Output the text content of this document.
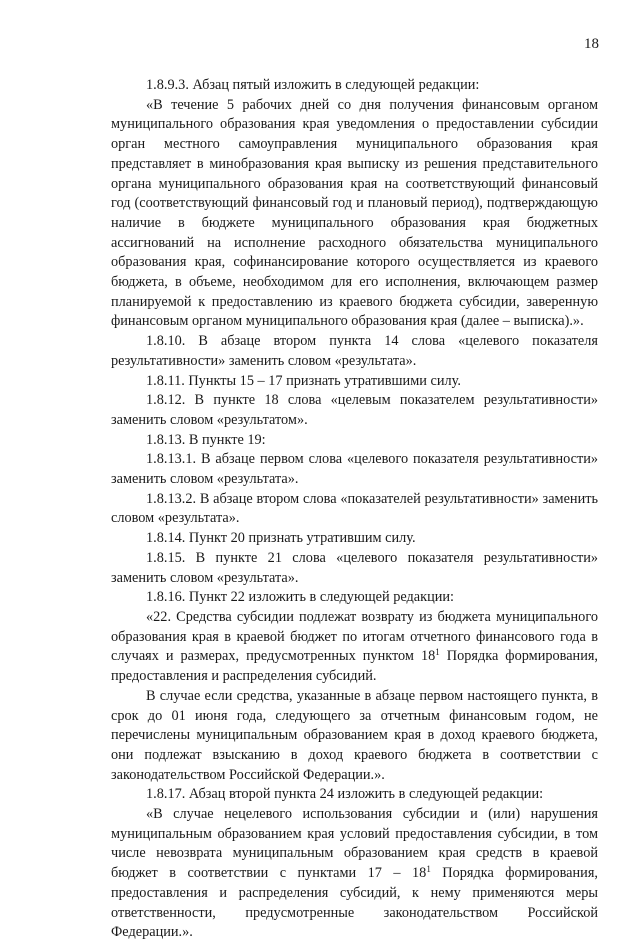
18

1.8.9.3. Абзац пятый изложить в следующей редакции:

«В течение 5 рабочих дней со дня получения финансовым органом муниципального образования края уведомления о предоставлении субсидии орган местного самоуправления муниципального образования края представляет в минобразования края выписку из решения представительного органа муниципального образования края на соответствующий финансовый год (соответствующий финансовый год и плановый период), подтверждающую наличие в бюджете муниципального образования края бюджетных ассигнований на исполнение расходного обязательства муниципального образования края, софинансирование которого осуществляется из краевого бюджета, в объеме, необходимом для его исполнения, включающем размер планируемой к предоставлению из краевого бюджета субсидии, заверенную финансовым органом муниципального образования края (далее – выписка).».

1.8.10. В абзаце втором пункта 14 слова «целевого показателя результативности» заменить словом «результата».

1.8.11. Пункты 15 – 17 признать утратившими силу.

1.8.12. В пункте 18 слова «целевым показателем результативности» заменить словом «результатом».

1.8.13. В пункте 19:

1.8.13.1. В абзаце первом слова «целевого показателя результативности» заменить словом «результата».

1.8.13.2. В абзаце втором слова «показателей результативности» заменить словом «результата».

1.8.14. Пункт 20 признать утратившим силу.

1.8.15. В пункте 21 слова «целевого показателя результативности» заменить словом «результата».

1.8.16. Пункт 22 изложить в следующей редакции:

«22. Средства субсидии подлежат возврату из бюджета муниципального образования края в краевой бюджет по итогам отчетного финансового года в случаях и размерах, предусмотренных пунктом $18^1$ Порядка формирования, предоставления и распределения субсидий.

В случае если средства, указанные в абзаце первом настоящего пункта, в срок до 01 июня года, следующего за отчетным финансовым годом, не перечислены муниципальным образованием края в доход краевого бюджета, они подлежат взысканию в доход краевого бюджета в соответствии с законодательством Российской Федерации.».

1.8.17. Абзац второй пункта 24 изложить в следующей редакции:

«В случае нецелевого использования субсидии и (или) нарушения муниципальным образованием края условий предоставления субсидии, в том числе невозврата муниципальным образованием края средств в краевой бюджет в соответствии с пунктами $17 - 18^1$ Порядка формирования, предоставления и распределения субсидий, к нему применяются меры ответственности, предусмотренные законодательством Российской Федерации.».
